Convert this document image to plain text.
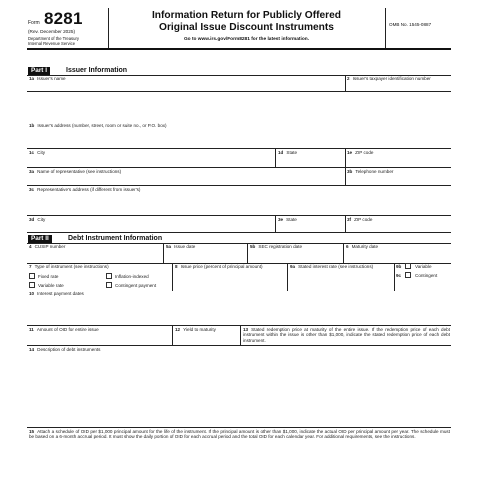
Form 8281
(Rev. December 2025)
Department of the Treasury
Internal Revenue Service
Information Return for Publicly Offered
Original Issue Discount Instruments
Go to www.irs.gov/Form8281 for the latest information.
OMB No. 1545-0887
Part I	Issuer Information
1a Issuer's name	2 Issuer's taxpayer identification number
1b Issuer's address (number, street, room or suite no., or P.O. box)
1c City	1d State	1e ZIP code
3a Name of representative (see instructions)	3b Telephone number
3c Representative's address (if different from issuer's)
3d City	3e State	3f ZIP code
Part II	Debt Instrument Information
4 CUSIP number	5a Issue date	5b SEC registration date	6 Maturity date
7 Type of instrument (see instructions)
Fixed rate	Inflation-indexed
Variable rate	Contingent payment
8 Issue price (percent of principal amount)	9a Stated interest rate (see instructions)	9b	Variable
9c	Contingent
10 Interest payment dates
11 Amount of OID for entire issue	12 Yield to maturity	13 Stated redemption price at maturity of the entire issue. If the redemption price of each debt instrument within the issue is other than $1,000, indicate the stated redemption price of each debt instrument.
14 Description of debt instruments
15 Attach a schedule of OID per $1,000 principal amount for the life of the instrument. If the principal amount is other than $1,000, indicate the actual OID per principal amount per year. The schedule must be based on a 6-month accrual period. It must show the daily portion of OID for each accrual period and the total OID for each calendar year. For additional requirements, see the instructions.
